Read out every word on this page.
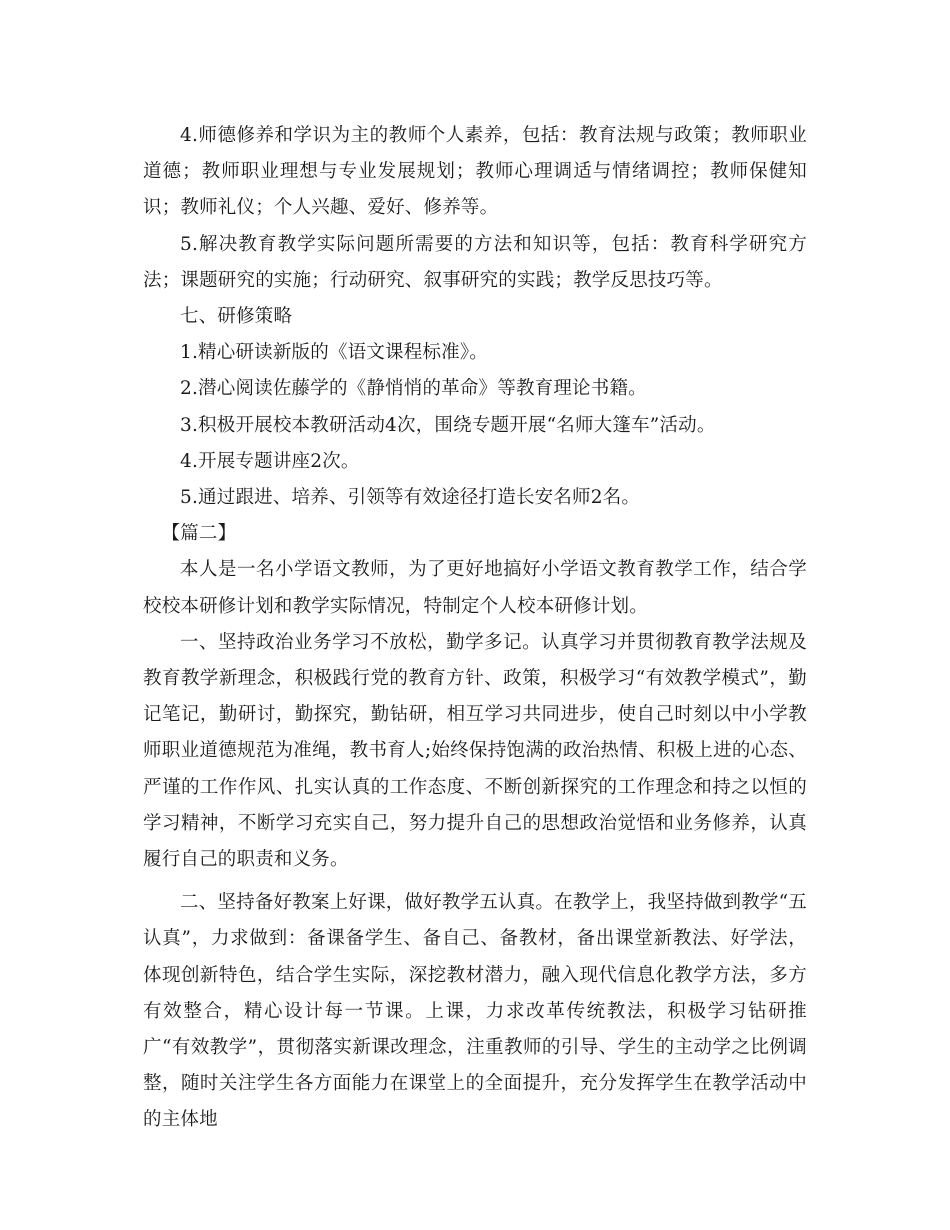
4.师德修养和学识为主的教师个人素养，包括：教育法规与政策；教师职业道德；教师职业理想与专业发展规划；教师心理调适与情绪调控；教师保健知识；教师礼仪；个人兴趣、爱好、修养等。

5.解决教育教学实际问题所需要的方法和知识等，包括：教育科学研究方法；课题研究的实施；行动研究、叙事研究的实践；教学反思技巧等。

七、研修策略

1.精心研读新版的《语文课程标准》。

2.潜心阅读佐藤学的《静悄悄的革命》等教育理论书籍。

3.积极开展校本教研活动4次，围绕专题开展“名师大篷车”活动。

4.开展专题讲座2次。

5.通过跟进、培养、引领等有效途径打造长安名师2名。

【篇二】

本人是一名小学语文教师，为了更好地搞好小学语文教育教学工作，结合学校校本研修计划和教学实际情况，特制定个人校本研修计划。

一、坚持政治业务学习不放松，勤学多记。认真学习并贯彻教育教学法规及教育教学新理念，积极践行党的教育方针、政策，积极学习“有效教学模式”，勤记笔记，勤研讨，勤探究，勤钻研，相互学习共同进步，使自己时刻以中小学教师职业道德规范为准绳，教书育人;始终保持饱满的政治热情、积极上进的心态、严谨的工作作风、扎实认真的工作态度、不断创新探究的工作理念和持之以恒的学习精神，不断学习充实自己，努力提升自己的思想政治觉悟和业务修养，认真履行自己的职责和义务。

二、坚持备好教案上好课，做好教学五认真。在教学上，我坚持做到教学“五认真”，力求做到：备课备学生、备自己、备教材，备出课堂新教法、好学法，体现创新特色，结合学生实际，深挖教材潜力，融入现代信息化教学方法，多方有效整合，精心设计每一节课。上课，力求改革传统教法，积极学习钻研推广“有效教学”，贯彻落实新课改理念，注重教师的引导、学生的主动学之比例调整，随时关注学生各方面能力在课堂上的全面提升，充分发挥学生在教学活动中的主体地
